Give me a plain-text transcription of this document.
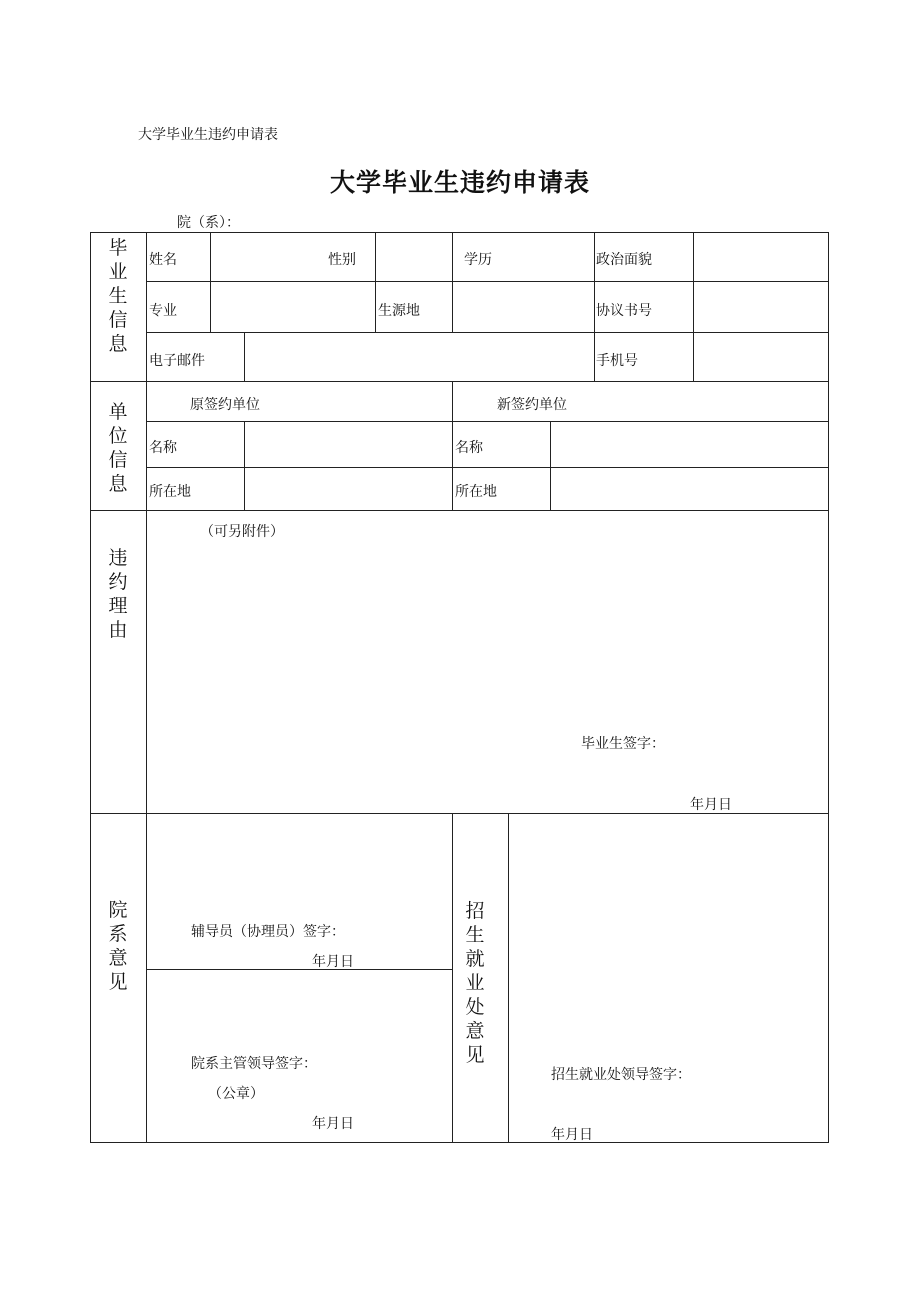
大学毕业生违约申请表
大学毕业生违约申请表
院（系）：
毕业生信息
单位信息
违约理由
院系意见
招生就业处意见
姓名	性别	学历	政治面貌
专业	生源地	协议书号
电子邮件	手机号
原签约单位	新签约单位
名称	名称
所在地	所在地
（可另附件）
毕业生签字：
年月日
辅导员（协理员）签字：
年月日
院系主管领导签字：
（公章）
年月日
招生就业处领导签字：
年月日
